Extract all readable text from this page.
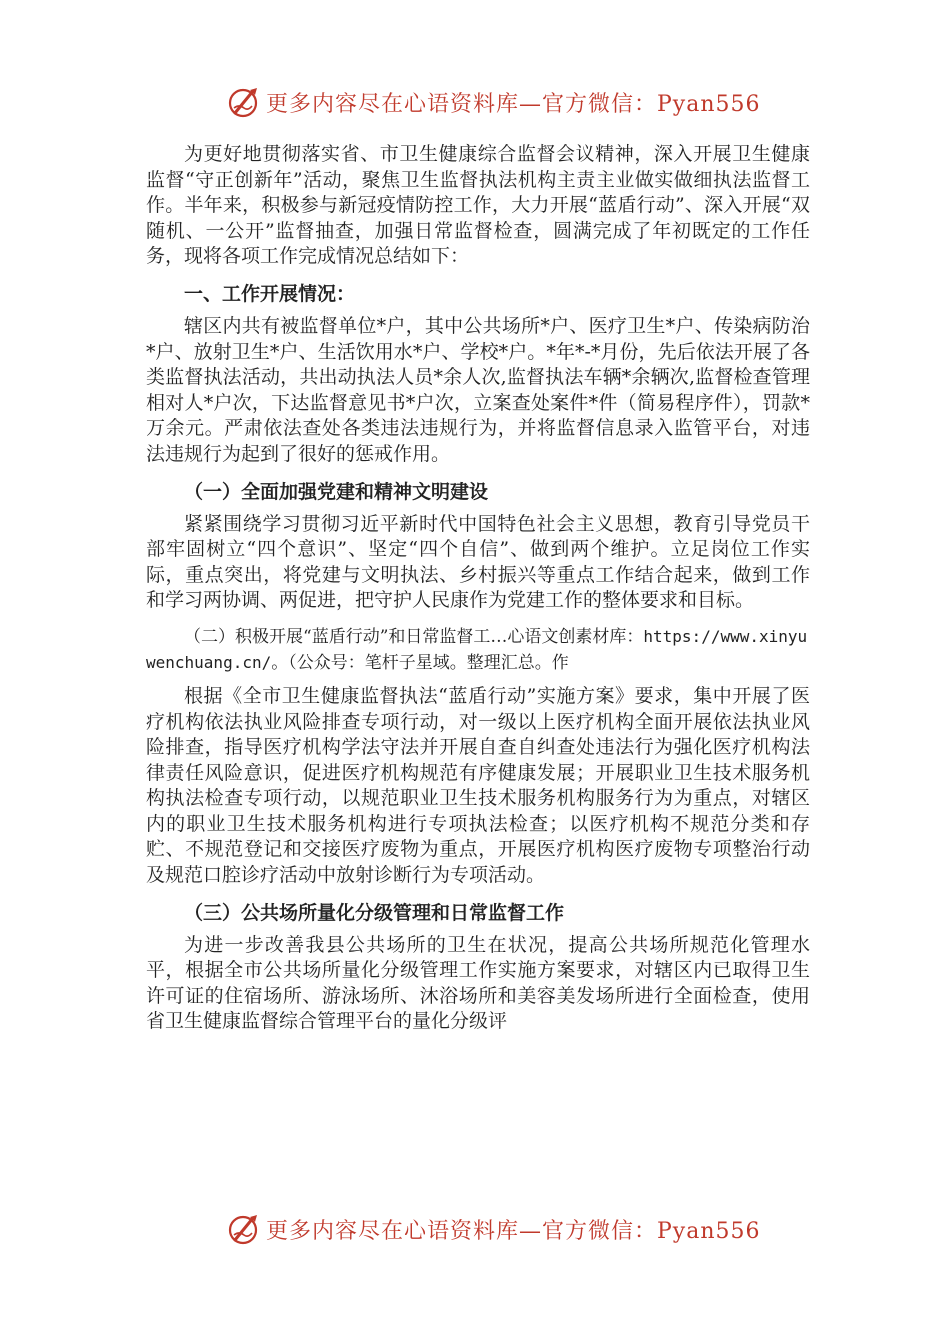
更多内容尽在心语资料库—官方微信：Pyan556

为更好地贯彻落实省、市卫生健康综合监督会议精神，深入开展卫生健康监督“守正创新年”活动，聚焦卫生监督执法机构主责主业做实做细执法监督工作。半年来，积极参与新冠疫情防控工作，大力开展“蓝盾行动”、深入开展“双随机、一公开”监督抽查，加强日常监督检查，圆满完成了年初既定的工作任务，现将各项工作完成情况总结如下：

一、工作开展情况：

辖区内共有被监督单位*户，其中公共场所*户、医疗卫生*户、传染病防治*户、放射卫生*户、生活饮用水*户、学校*户。*年*-*月份，先后依法开展了各类监督执法活动，共出动执法人员*余人次,监督执法车辆*余辆次,监督检查管理相对人*户次，下达监督意见书*户次，立案查处案件*件（简易程序件），罚款*万余元。严肃依法查处各类违法违规行为，并将监督信息录入监管平台，对违法违规行为起到了很好的惩戒作用。

（一）全面加强党建和精神文明建设

紧紧围绕学习贯彻习近平新时代中国特色社会主义思想，教育引导党员干部牢固树立“四个意识”、坚定“四个自信”、做到两个维护。立足岗位工作实际，重点突出，将党建与文明执法、乡村振兴等重点工作结合起来，做到工作和学习两协调、两促进，把守护人民康作为党建工作的整体要求和目标。

（二）积极开展“蓝盾行动”和日常监督工…心语文创素材库：https://www.xinyuwenchuang.cn/。（公众号：笔杆子星域。整理汇总。作

根据《全市卫生健康监督执法“蓝盾行动”实施方案》要求，集中开展了医疗机构依法执业风险排查专项行动，对一级以上医疗机构全面开展依法执业风险排查，指导医疗机构学法守法并开展自查自纠查处违法行为强化医疗机构法律责任风险意识，促进医疗机构规范有序健康发展；开展职业卫生技术服务机构执法检查专项行动，以规范职业卫生技术服务机构服务行为为重点，对辖区内的职业卫生技术服务机构进行专项执法检查；以医疗机构不规范分类和存贮、不规范登记和交接医疗废物为重点，开展医疗机构医疗废物专项整治行动及规范口腔诊疗活动中放射诊断行为专项活动。

（三）公共场所量化分级管理和日常监督工作

为进一步改善我县公共场所的卫生在状况，提高公共场所规范化管理水平，根据全市公共场所量化分级管理工作实施方案要求，对辖区内已取得卫生许可证的住宿场所、游泳场所、沐浴场所和美容美发场所进行全面检查，使用省卫生健康监督综合管理平台的量化分级评

更多内容尽在心语资料库—官方微信：Pyan556
